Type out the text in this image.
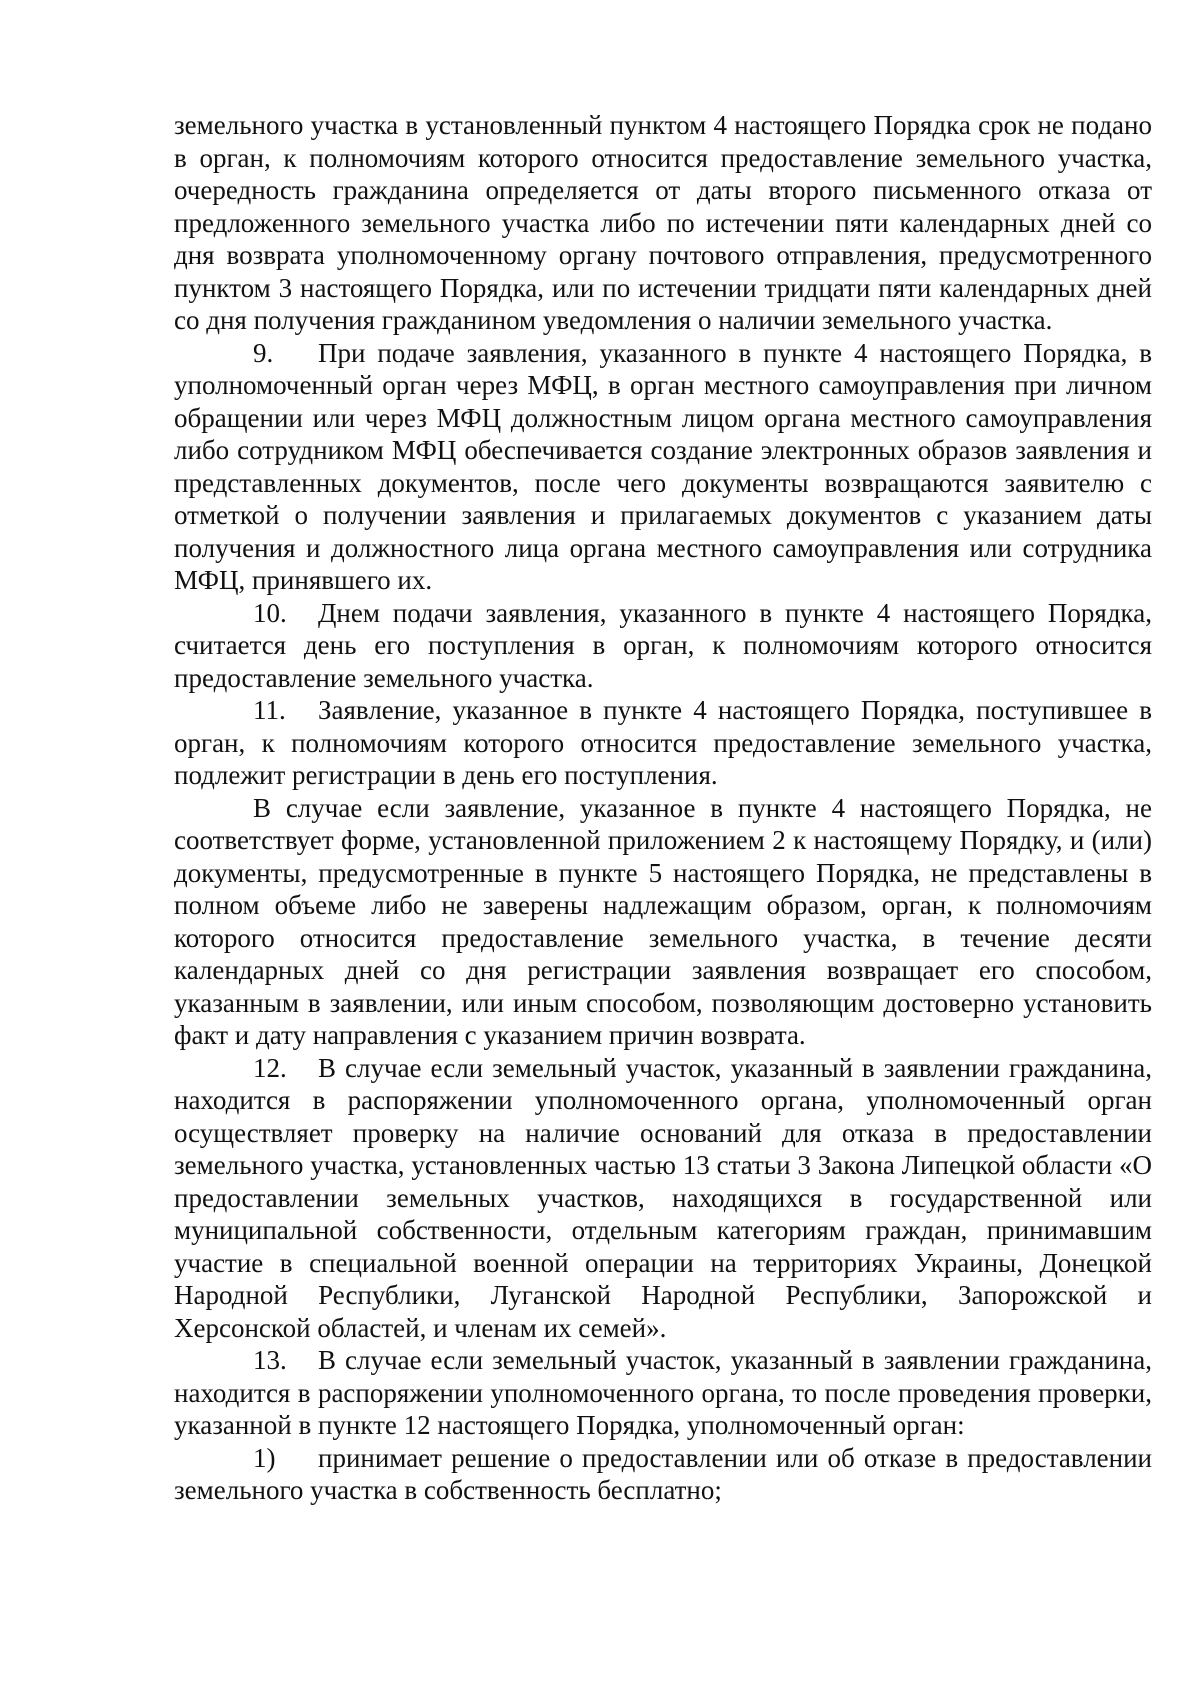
земельного участка в установленный пунктом 4 настоящего Порядка срок не подано в орган, к полномочиям которого относится предоставление земельного участка, очередность гражданина определяется от даты второго письменного отказа от предложенного земельного участка либо по истечении пяти календарных дней со дня возврата уполномоченному органу почтового отправления, предусмотренного пунктом 3 настоящего Порядка, или по истечении тридцати пяти календарных дней со дня получения гражданином уведомления о наличии земельного участка.

9. При подаче заявления, указанного в пункте 4 настоящего Порядка, в уполномоченный орган через МФЦ, в орган местного самоуправления при личном обращении или через МФЦ должностным лицом органа местного самоуправления либо сотрудником МФЦ обеспечивается создание электронных образов заявления и представленных документов, после чего документы возвращаются заявителю с отметкой о получении заявления и прилагаемых документов с указанием даты получения и должностного лица органа местного самоуправления или сотрудника МФЦ, принявшего их.

10. Днем подачи заявления, указанного в пункте 4 настоящего Порядка, считается день его поступления в орган, к полномочиям которого относится предоставление земельного участка.

11. Заявление, указанное в пункте 4 настоящего Порядка, поступившее в орган, к полномочиям которого относится предоставление земельного участка, подлежит регистрации в день его поступления.

В случае если заявление, указанное в пункте 4 настоящего Порядка, не соответствует форме, установленной приложением 2 к настоящему Порядку, и (или) документы, предусмотренные в пункте 5 настоящего Порядка, не представлены в полном объеме либо не заверены надлежащим образом, орган, к полномочиям которого относится предоставление земельного участка, в течение десяти календарных дней со дня регистрации заявления возвращает его способом, указанным в заявлении, или иным способом, позволяющим достоверно установить факт и дату направления с указанием причин возврата.

12. В случае если земельный участок, указанный в заявлении гражданина, находится в распоряжении уполномоченного органа, уполномоченный орган осуществляет проверку на наличие оснований для отказа в предоставлении земельного участка, установленных частью 13 статьи 3 Закона Липецкой области «О предоставлении земельных участков, находящихся в государственной или муниципальной собственности, отдельным категориям граждан, принимавшим участие в специальной военной операции на территориях Украины, Донецкой Народной Республики, Луганской Народной Республики, Запорожской и Херсонской областей, и членам их семей».

13. В случае если земельный участок, указанный в заявлении гражданина, находится в распоряжении уполномоченного органа, то после проведения проверки, указанной в пункте 12 настоящего Порядка, уполномоченный орган:

1) принимает решение о предоставлении или об отказе в предоставлении земельного участка в собственность бесплатно;
